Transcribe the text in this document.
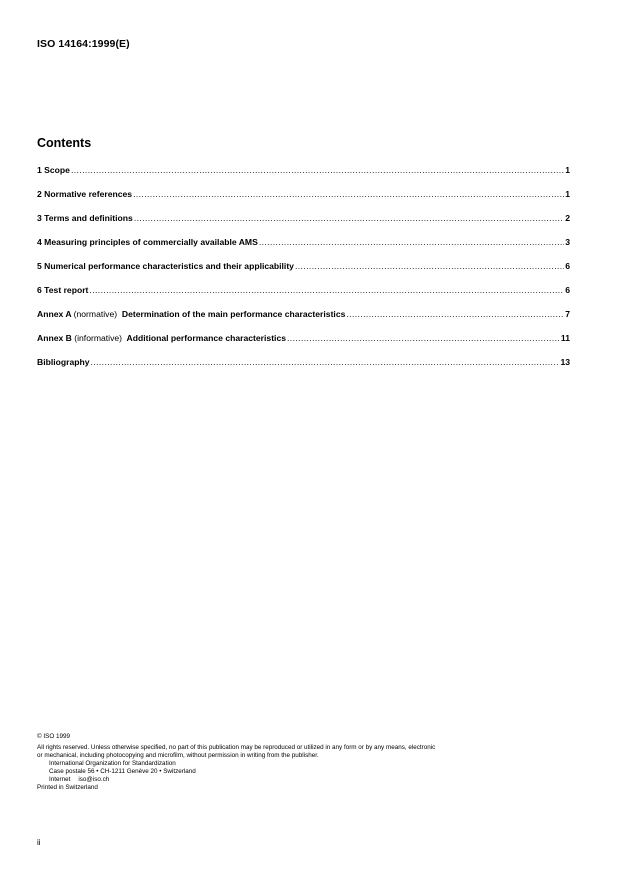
ISO 14164:1999(E)
Contents
1 Scope .....	1
2 Normative references .....	1
3 Terms and definitions .....	2
4 Measuring principles of commercially available AMS .....	3
5 Numerical performance characteristics and their applicability .....	6
6 Test report .....	6
Annex A (normative) Determination of the main performance characteristics .....	7
Annex B (informative) Additional performance characteristics .....	11
Bibliography .....	13
© ISO 1999
All rights reserved. Unless otherwise specified, no part of this publication may be reproduced or utilized in any form or by any means, electronic
or mechanical, including photocopying and microfilm, without permission in writing from the publisher.
International Organization for Standardization
Case postale 56 • CH-1211 Genève 20 • Switzerland
Internet iso@iso.ch
Printed in Switzerland
ii
